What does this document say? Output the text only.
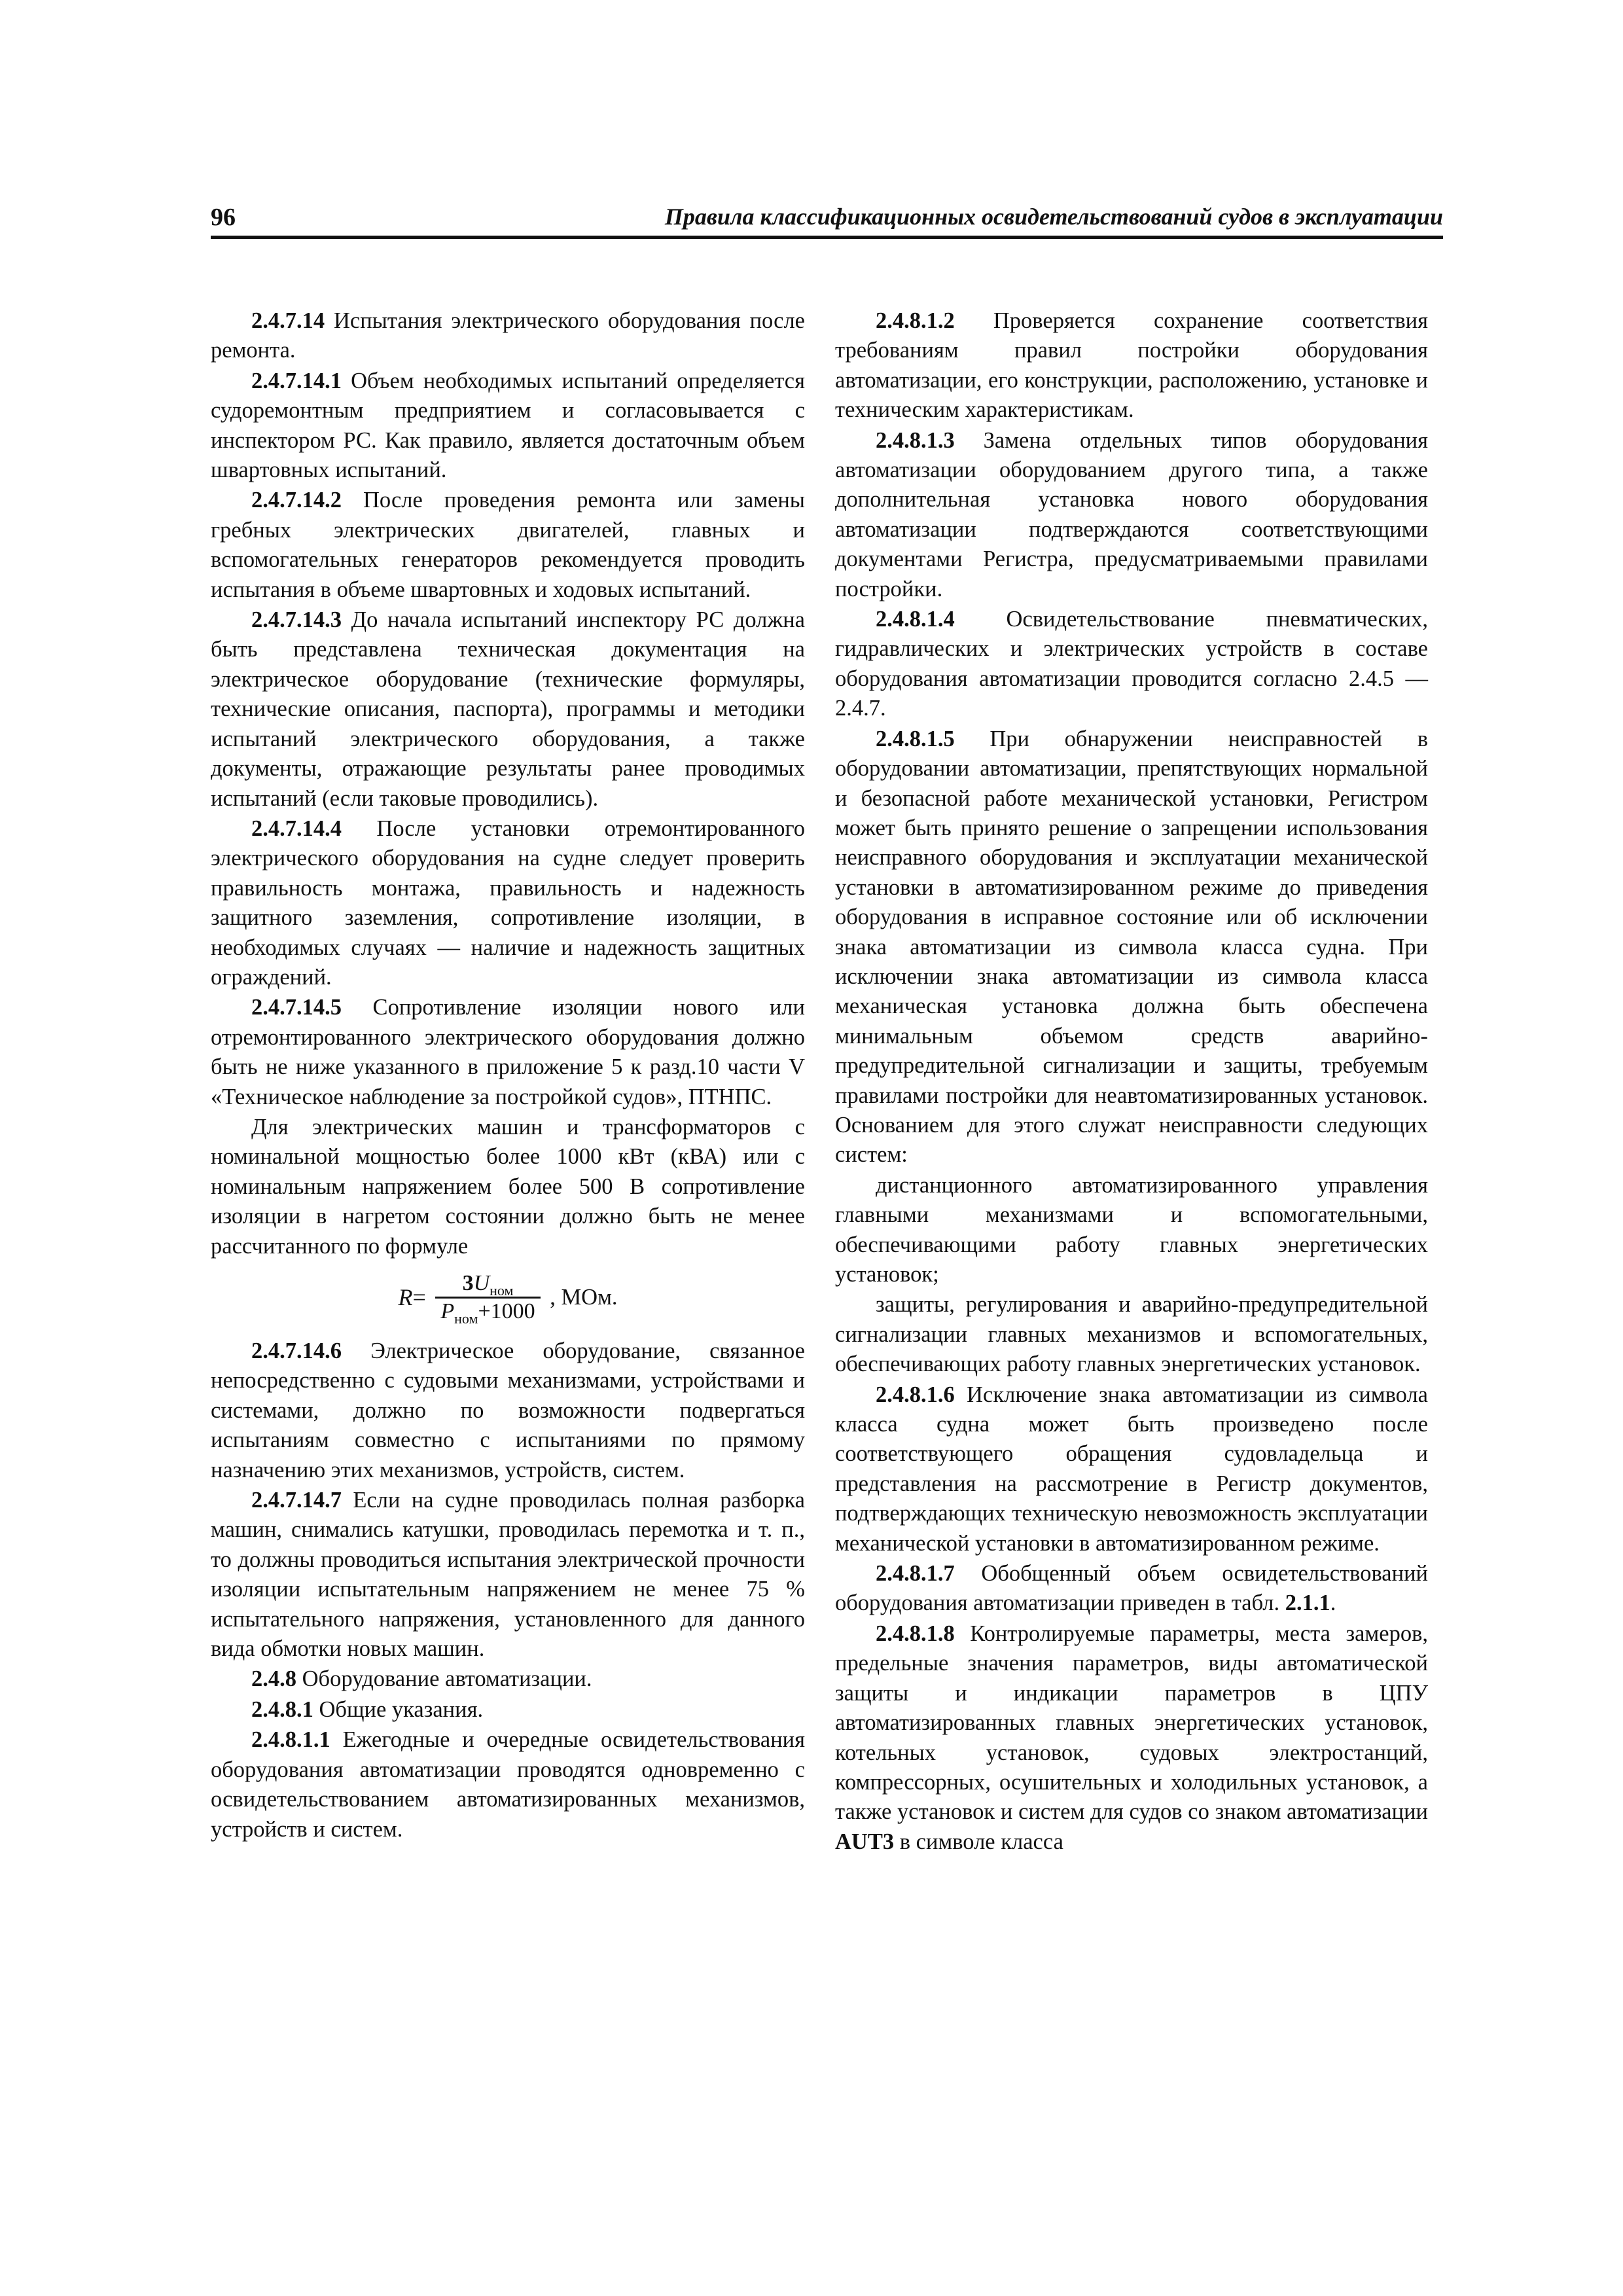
96	Правила классификационных освидетельствований судов в эксплуатации

2.4.7.14 Испытания электрического оборудования после ремонта.

2.4.7.14.1 Объем необходимых испытаний определяется судоремонтным предприятием и согласовывается с инспектором РС. Как правило, является достаточным объем швартовных испытаний.

2.4.7.14.2 После проведения ремонта или замены гребных электрических двигателей, главных и вспомогательных генераторов рекомендуется проводить испытания в объеме швартовных и ходовых испытаний.

2.4.7.14.3 До начала испытаний инспектору РС должна быть представлена техническая документация на электрическое оборудование (технические формуляры, технические описания, паспорта), программы и методики испытаний электрического оборудования, а также документы, отражающие результаты ранее проводимых испытаний (если таковые проводились).

2.4.7.14.4 После установки отремонтированного электрического оборудования на судне следует проверить правильность монтажа, правильность и надежность защитного заземления, сопротивление изоляции, в необходимых случаях — наличие и надежность защитных ограждений.

2.4.7.14.5 Сопротивление изоляции нового или отремонтированного электрического оборудования должно быть не ниже указанного в приложение 5 к разд.10 части V «Техническое наблюдение за постройкой судов», ПТНПС.

Для электрических машин и трансформаторов с номинальной мощностью более 1000 кВт (кВА) или с номинальным напряжением более 500 В сопротивление изоляции в нагретом состоянии должно быть не менее рассчитанного по формуле

$R= \frac{3U_{ном}}{P_{ном}+1000}$ , МОм.

2.4.7.14.6 Электрическое оборудование, связанное непосредственно с судовыми механизмами, устройствами и системами, должно по возможности подвергаться испытаниям совместно с испытаниями по прямому назначению этих механизмов, устройств, систем.

2.4.7.14.7 Если на судне проводилась полная разборка машин, снимались катушки, проводилась перемотка и т. п., то должны проводиться испытания электрической прочности изоляции испытательным напряжением не менее 75 % испытательного напряжения, установленного для данного вида обмотки новых машин.

2.4.8 Оборудование автоматизации.

2.4.8.1 Общие указания.

2.4.8.1.1 Ежегодные и очередные освидетельствования оборудования автоматизации проводятся одновременно с освидетельствованием автоматизированных механизмов, устройств и систем.

2.4.8.1.2 Проверяется сохранение соответствия требованиям правил постройки оборудования автоматизации, его конструкции, расположению, установке и техническим характеристикам.

2.4.8.1.3 Замена отдельных типов оборудования автоматизации оборудованием другого типа, а также дополнительная установка нового оборудования автоматизации подтверждаются соответствующими документами Регистра, предусматриваемыми правилами постройки.

2.4.8.1.4 Освидетельствование пневматических, гидравлических и электрических устройств в составе оборудования автоматизации проводится согласно 2.4.5 — 2.4.7.

2.4.8.1.5 При обнаружении неисправностей в оборудовании автоматизации, препятствующих нормальной и безопасной работе механической установки, Регистром может быть принято решение о запрещении использования неисправного оборудования и эксплуатации механической установки в автоматизированном режиме до приведения оборудования в исправное состояние или об исключении знака автоматизации из символа класса судна. При исключении знака автоматизации из символа класса механическая установка должна быть обеспечена минимальным объемом средств аварийно-предупредительной сигнализации и защиты, требуемым правилами постройки для неавтоматизированных установок. Основанием для этого служат неисправности следующих систем:

дистанционного автоматизированного управления главными механизмами и вспомогательными, обеспечивающими работу главных энергетических установок;

защиты, регулирования и аварийно-предупредительной сигнализации главных механизмов и вспомогательных, обеспечивающих работу главных энергетических установок.

2.4.8.1.6 Исключение знака автоматизации из символа класса судна может быть произведено после соответствующего обращения судовладельца и представления на рассмотрение в Регистр документов, подтверждающих техническую невозможность эксплуатации механической установки в автоматизированном режиме.

2.4.8.1.7 Обобщенный объем освидетельствований оборудования автоматизации приведен в табл. 2.1.1.

2.4.8.1.8 Контролируемые параметры, места замеров, предельные значения параметров, виды автоматической защиты и индикации параметров в ЦПУ автоматизированных главных энергетических установок, котельных установок, судовых электростанций, компрессорных, осушительных и холодильных установок, а также установок и систем для судов со знаком автоматизации AUT3 в символе класса
